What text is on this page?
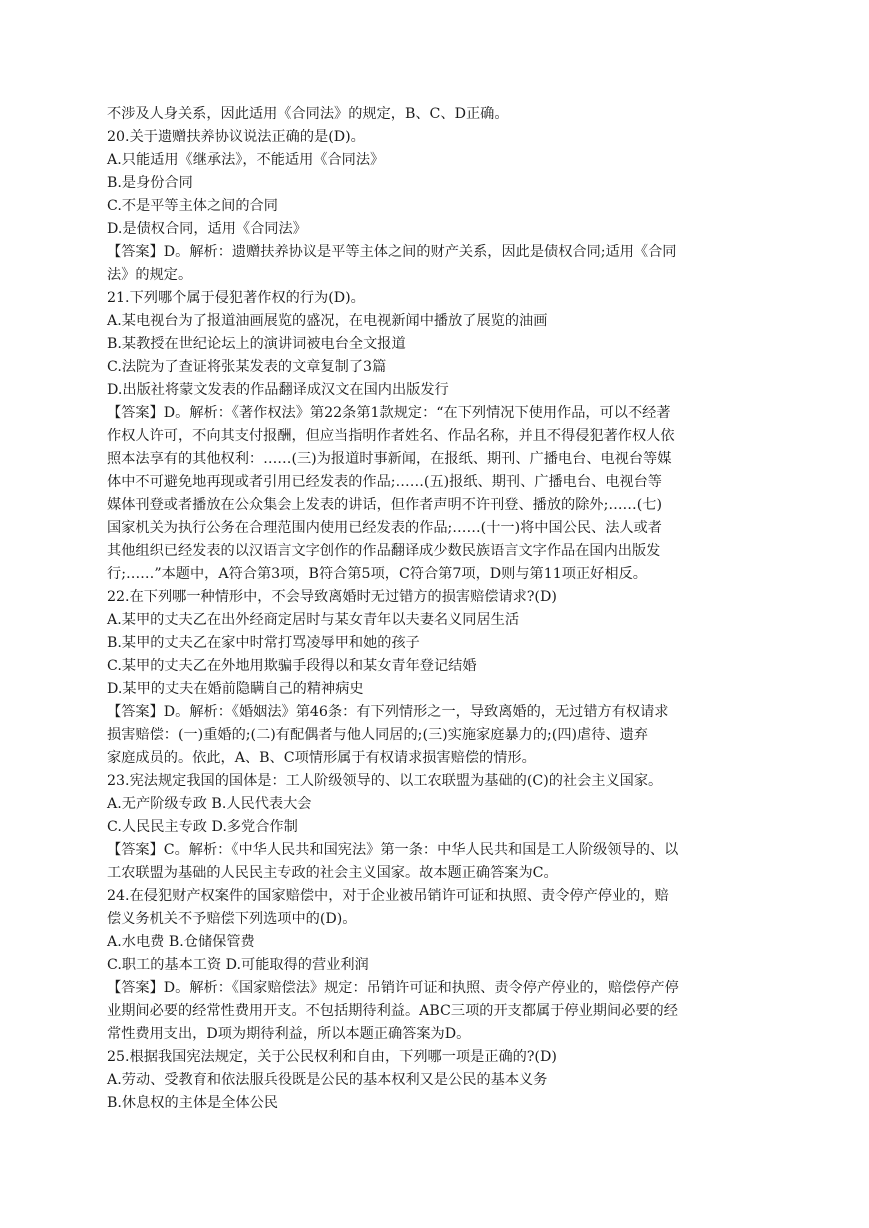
不涉及人身关系，因此适用《合同法》的规定，B、C、D正确。

20.关于遗赠扶养协议说法正确的是(D)。

A.只能适用《继承法》，不能适用《合同法》

B.是身份合同

C.不是平等主体之间的合同

D.是债权合同，适用《合同法》

【答案】D。解析：遗赠扶养协议是平等主体之间的财产关系，因此是债权合同;适用《合同

法》的规定。

21.下列哪个属于侵犯著作权的行为(D)。

A.某电视台为了报道油画展览的盛况，在电视新闻中播放了展览的油画

B.某教授在世纪论坛上的演讲词被电台全文报道

C.法院为了查证将张某发表的文章复制了3篇

D.出版社将蒙文发表的作品翻译成汉文在国内出版发行

【答案】D。解析：《著作权法》第22条第1款规定：“在下列情况下使用作品，可以不经著

作权人许可，不向其支付报酬，但应当指明作者姓名、作品名称，并且不得侵犯著作权人依

照本法享有的其他权利：……(三)为报道时事新闻，在报纸、期刊、广播电台、电视台等媒

体中不可避免地再现或者引用已经发表的作品;……(五)报纸、期刊、广播电台、电视台等

媒体刊登或者播放在公众集会上发表的讲话，但作者声明不许刊登、播放的除外;……(七)

国家机关为执行公务在合理范围内使用已经发表的作品;……(十一)将中国公民、法人或者

其他组织已经发表的以汉语言文字创作的作品翻译成少数民族语言文字作品在国内出版发

行;……”本题中，A符合第3项，B符合第5项，C符合第7项，D则与第11项正好相反。

22.在下列哪一种情形中，不会导致离婚时无过错方的损害赔偿请求?(D)

A.某甲的丈夫乙在出外经商定居时与某女青年以夫妻名义同居生活

B.某甲的丈夫乙在家中时常打骂凌辱甲和她的孩子

C.某甲的丈夫乙在外地用欺骗手段得以和某女青年登记结婚

D.某甲的丈夫在婚前隐瞒自己的精神病史

【答案】D。解析：《婚姻法》第46条：有下列情形之一，导致离婚的，无过错方有权请求

损害赔偿：(一)重婚的;(二)有配偶者与他人同居的;(三)实施家庭暴力的;(四)虐待、遗弃

家庭成员的。依此，A、B、C项情形属于有权请求损害赔偿的情形。

23.宪法规定我国的国体是：工人阶级领导的、以工农联盟为基础的(C)的社会主义国家。

A.无产阶级专政 B.人民代表大会

C.人民民主专政 D.多党合作制

【答案】C。解析：《中华人民共和国宪法》第一条：中华人民共和国是工人阶级领导的、以

工农联盟为基础的人民民主专政的社会主义国家。故本题正确答案为C。

24.在侵犯财产权案件的国家赔偿中，对于企业被吊销许可证和执照、责令停产停业的，赔

偿义务机关不予赔偿下列选项中的(D)。

A.水电费 B.仓储保管费

C.职工的基本工资 D.可能取得的营业利润

【答案】D。解析：《国家赔偿法》规定：吊销许可证和执照、责令停产停业的，赔偿停产停

业期间必要的经常性费用开支。不包括期待利益。ABC三项的开支都属于停业期间必要的经

常性费用支出，D项为期待利益，所以本题正确答案为D。

25.根据我国宪法规定，关于公民权利和自由，下列哪一项是正确的?(D)

A.劳动、受教育和依法服兵役既是公民的基本权利又是公民的基本义务

B.休息权的主体是全体公民
